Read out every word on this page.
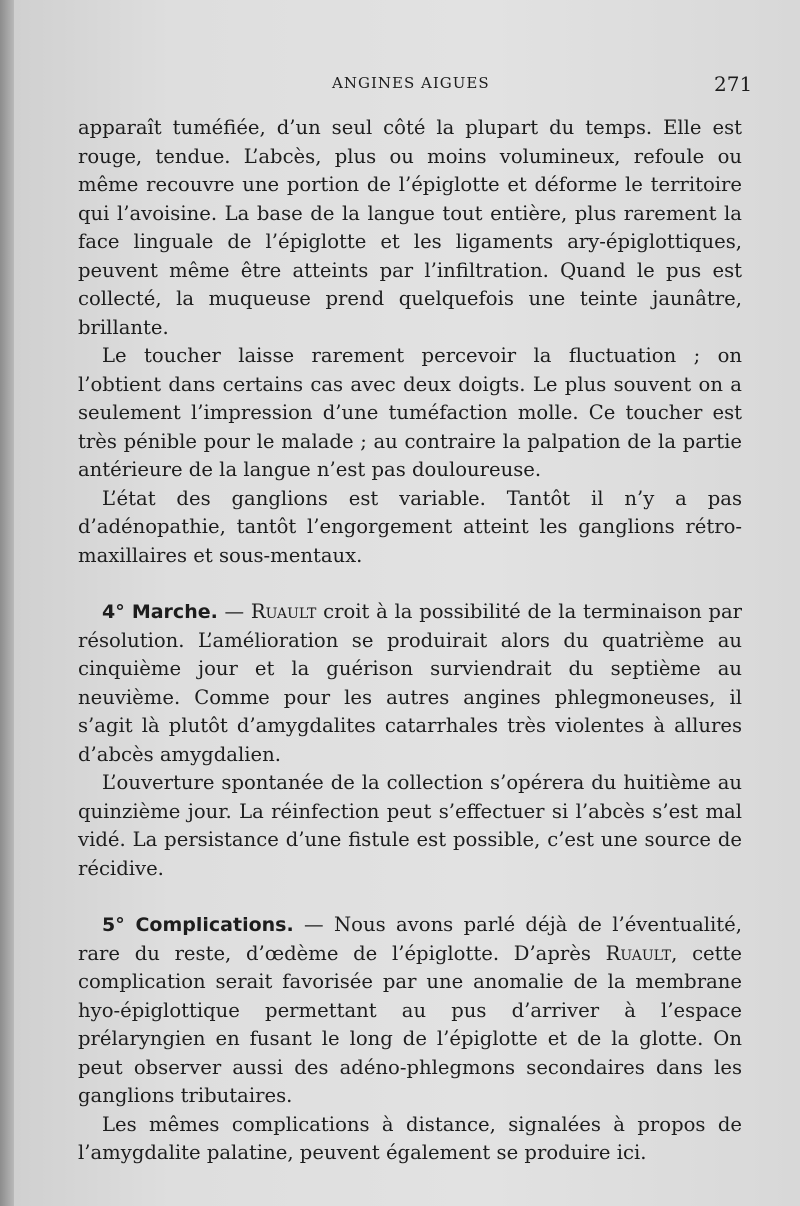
ANGINES AIGUES	271

apparaît tuméfiée, d’un seul côté la plupart du temps. Elle est rouge, tendue. L’abcès, plus ou moins volumineux, refoule ou même recouvre une portion de l’épiglotte et déforme le territoire qui l’avoisine. La base de la langue tout entière, plus rarement la face linguale de l’épiglotte et les ligaments ary-épiglottiques, peuvent même être atteints par l’infiltration. Quand le pus est collecté, la muqueuse prend quelquefois une teinte jaunâtre, brillante.

Le toucher laisse rarement percevoir la fluctuation ; on l’obtient dans certains cas avec deux doigts. Le plus souvent on a seulement l’impression d’une tuméfaction molle. Ce toucher est très pénible pour le malade ; au contraire la palpation de la partie antérieure de la langue n’est pas douloureuse.

L’état des ganglions est variable. Tantôt il n’y a pas d’adénopathie, tantôt l’engorgement atteint les ganglions rétro-maxillaires et sous-mentaux.

4° Marche. — Ruault croit à la possibilité de la terminaison par résolution. L’amélioration se produirait alors du quatrième au cinquième jour et la guérison surviendrait du septième au neuvième. Comme pour les autres angines phlegmoneuses, il s’agit là plutôt d’amygdalites catarrhales très violentes à allures d’abcès amygdalien.

L’ouverture spontanée de la collection s’opérera du huitième au quinzième jour. La réinfection peut s’effectuer si l’abcès s’est mal vidé. La persistance d’une fistule est possible, c’est une source de récidive.

5° Complications. — Nous avons parlé déjà de l’éventualité, rare du reste, d’œdème de l’épiglotte. D’après Ruault, cette complication serait favorisée par une anomalie de la membrane hyo-épiglottique permettant au pus d’arriver à l’espace prélaryngien en fusant le long de l’épiglotte et de la glotte. On peut observer aussi des adéno-phlegmons secondaires dans les ganglions tributaires.

Les mêmes complications à distance, signalées à propos de l’amygdalite palatine, peuvent également se produire ici.
